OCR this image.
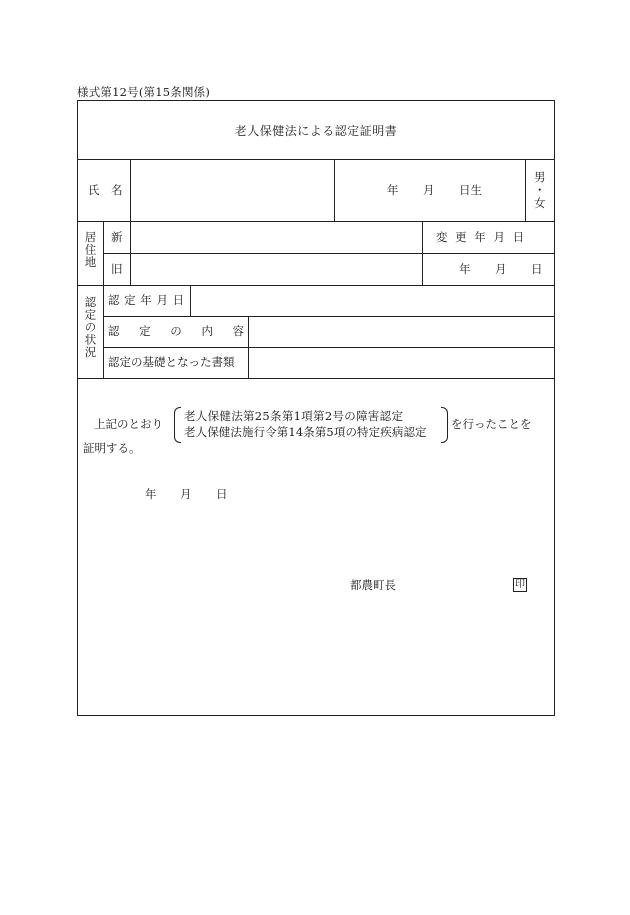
様式第12号(第15条関係)
老人保健法による認定証明書
氏 名	年 月 日生
男
・
女
居住地 新
旧
変 更 年 月 日
年 月 日
認定の状況 認 定 年 月 日
認 定 の 内 容
認定の基礎となった書類
上記のとおり
老人保健法第25条第1項第2号の障害認定
老人保健法施行令第14条第5項の特定疾病認定
を行ったことを
証明する。
年 月 日
都農町長	印
